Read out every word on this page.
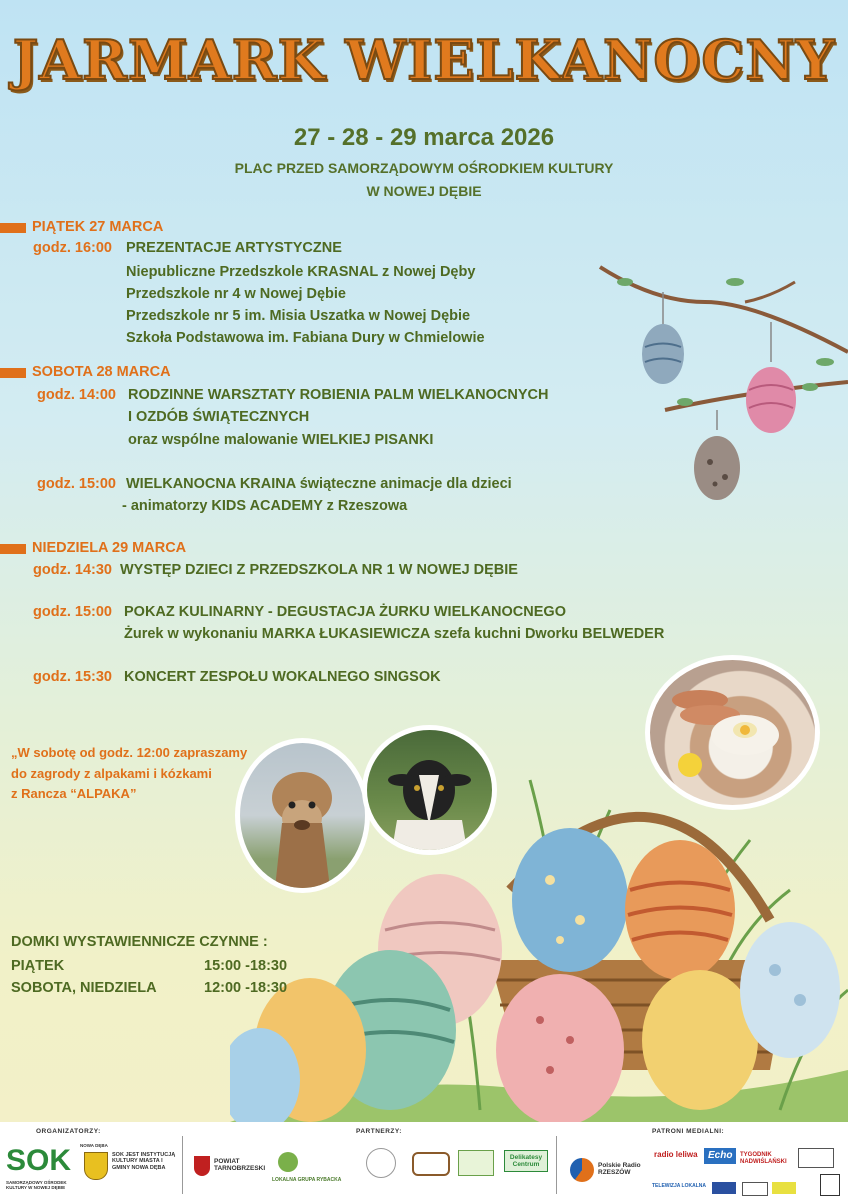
JARMARK WIELKANOCNY
27 - 28 - 29 marca 2026
PLAC PRZED SAMORZĄDOWYM OŚRODKIEM KULTURY
W NOWEJ DĘBIE
PIĄTEK 27 MARCA
godz. 16:00 PREZENTACJE ARTYSTYCZNE
Niepubliczne Przedszkole KRASNAL z Nowej Dęby
Przedszkole nr 4 w Nowej Dębie
Przedszkole nr 5 im. Misia Uszatka w Nowej Dębie
Szkoła Podstawowa im. Fabiana Dury w Chmielowie
SOBOTA 28 MARCA
godz. 14:00 RODZINNE WARSZTATY ROBIENIA PALM WIELKANOCNYCH
I OZDÓB ŚWIĄTECZNYCH
oraz wspólne malowanie WIELKIEJ PISANKI
godz. 15:00 WIELKANOCNA KRAINA świąteczne animacje dla dzieci
- animatorzy KIDS ACADEMY z Rzeszowa
NIEDZIELA 29 MARCA
godz. 14:30 WYSTĘP DZIECI Z PRZEDSZKOLA NR 1 W NOWEJ DĘBIE
godz. 15:00 POKAZ KULINARNY - DEGUSTACJA ŻURKU WIELKANOCNEGO
Żurek w wykonaniu MARKA ŁUKASIEWICZA szefa kuchni Dworku BELWEDER
godz. 15:30 KONCERT ZESPOŁU WOKALNEGO SINGSOK
„W sobotę od godz. 12:00 zapraszamy
do zagrody z alpakami i kózkami
z Rancza “ALPAKA”
DOMKI WYSTAWIENNICZE CZYNNE :
PIĄTEK	15:00 -18:30
SOBOTA, NIEDZIELA	12:00 -18:30
ORGANIZATORZY:	PARTNERZY:	PATRONI MEDIALNI:
SOK
SAMORZĄDOWY OŚRODEK KULTURY W NOWEJ DĘBIE
NOWA DĘBA
SOK JEST INSTYTUCJĄ KULTURY MIASTA I GMINY NOWA DĘBA
POWIAT TARNOBRZESKI
LOKALNA GRUPA RYBACKA
Delikatesy Centrum	Polskie Radio RZESZÓW
radio leliwa	Echo	TYGODNIK NADWIŚLAŃSKI
TELEWIZJA LOKALNA
